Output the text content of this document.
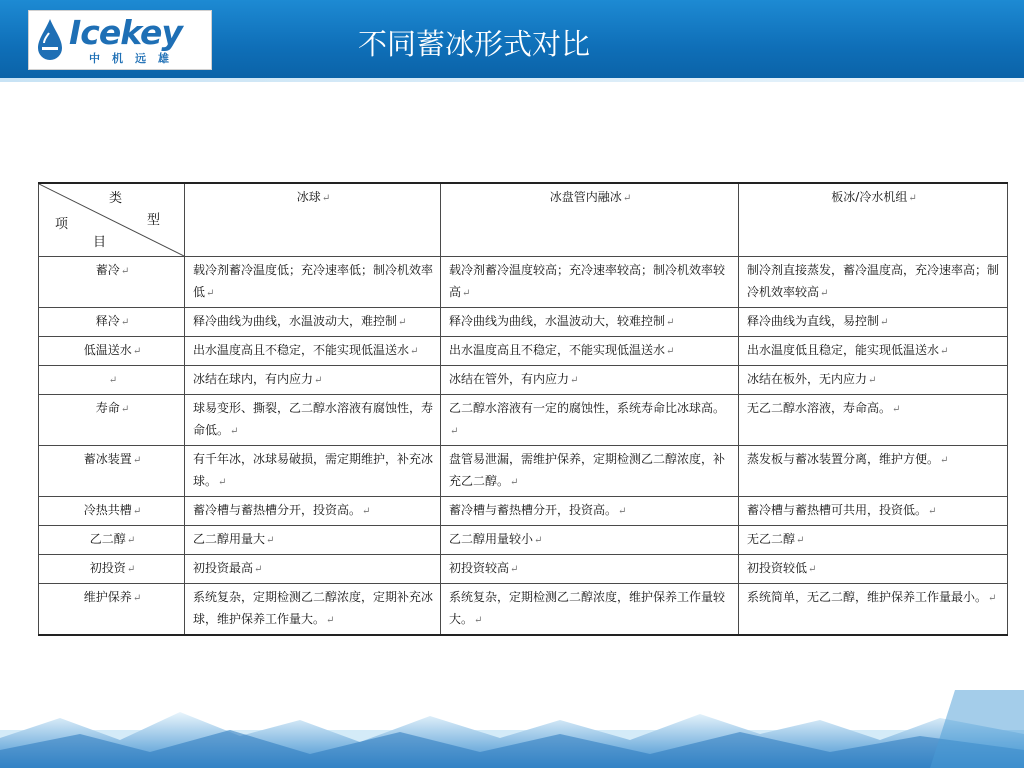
Icekey
中机远雄	不同蓄冰形式对比
类
型
项
目	冰球↵	冰盘管内融冰↵	板冰/冷水机组↵
蓄冷↵	载冷剂蓄冷温度低；充冷速率低；制冷机效率低↵	载冷剂蓄冷温度较高；充冷速率较高；制冷机效率较高↵	制冷剂直接蒸发，蓄冷温度高，充冷速率高；制冷机效率较高↵
释冷↵	释冷曲线为曲线，水温波动大，难控制↵	释冷曲线为曲线，水温波动大，较难控制↵	释冷曲线为直线，易控制↵
低温送水↵	出水温度高且不稳定，不能实现低温送水↵	出水温度高且不稳定，不能实现低温送水↵	出水温度低且稳定，能实现低温送水↵
↵	冰结在球内，有内应力↵	冰结在管外，有内应力↵	冰结在板外，无内应力↵
寿命↵	球易变形、撕裂，乙二醇水溶液有腐蚀性，寿命低。↵	乙二醇水溶液有一定的腐蚀性，系统寿命比冰球高。↵	无乙二醇水溶液，寿命高。↵
蓄冰装置↵	有千年冰，冰球易破损，需定期维护，补充冰球。↵	盘管易泄漏，需维护保养，定期检测乙二醇浓度，补充乙二醇。↵	蒸发板与蓄冰装置分离，维护方便。↵
冷热共槽↵	蓄冷槽与蓄热槽分开，投资高。↵	蓄冷槽与蓄热槽分开，投资高。↵	蓄冷槽与蓄热槽可共用，投资低。↵
乙二醇↵	乙二醇用量大↵	乙二醇用量较小↵	无乙二醇↵
初投资↵	初投资最高↵	初投资较高↵	初投资较低↵
维护保养↵	系统复杂，定期检测乙二醇浓度，定期补充冰球，维护保养工作量大。↵	系统复杂，定期检测乙二醇浓度，维护保养工作量较大。↵	系统简单，无乙二醇，维护保养工作量最小。↵
